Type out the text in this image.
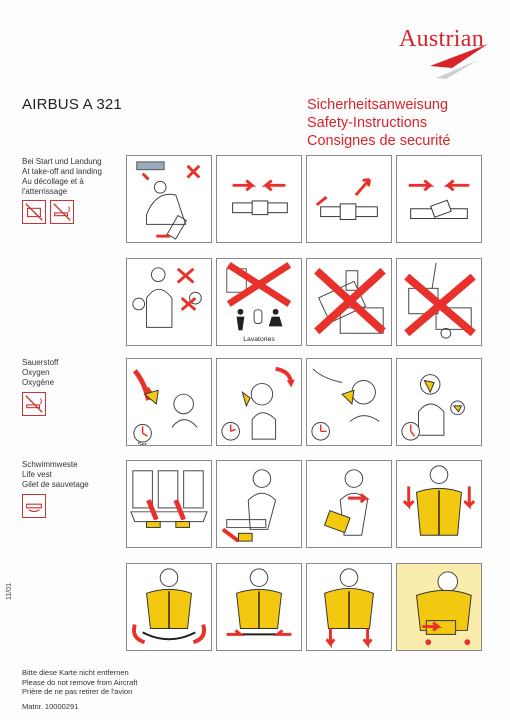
Austrian
AIRBUS A 321	Sicherheitsanweisung
Safety-Instructions
Consignes de securité
Bei Start und Landung
At take-off and landing
Au décollage et à
l'atterrissage
Sauerstoff
Oxygen
Oxygène
Schwimmweste
Life vest
Gilet de sauvetage
Lavatories
Sec
11/01
Bitte diese Karte nicht entfernen
Please do not remove from Aircraft
Prière de ne pas retirer de l'avion
Matnr. 10000291
